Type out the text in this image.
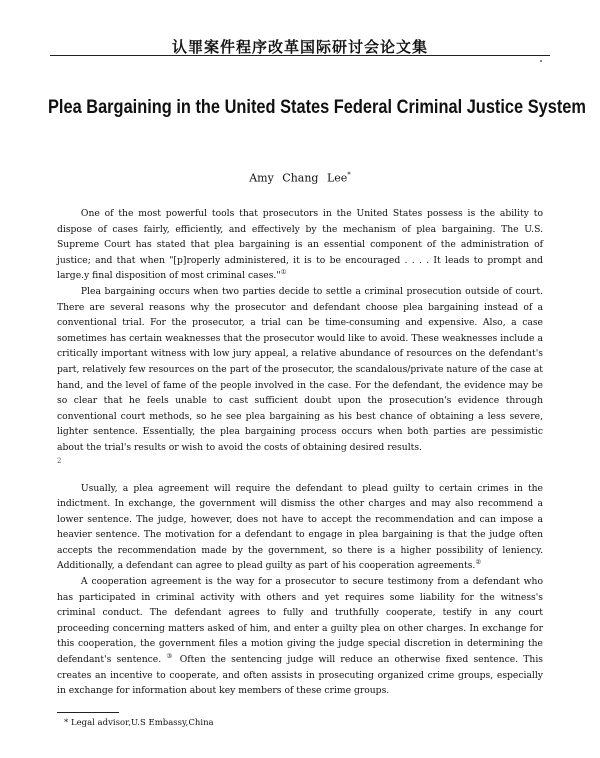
认罪案件程序改革国际研讨会论文集
Plea Bargaining in the United States Federal Criminal Justice System
Amy Chang Lee*

One of the most powerful tools that prosecutors in the United States possess is the ability to dispose of cases fairly, efficiently, and effectively by the mechanism of plea bargaining. The U.S. Supreme Court has stated that plea bargaining is an essential component of the administration of justice; and that when "[p]roperly administered, it is to be encouraged . . . . It leads to prompt and large.y final disposition of most criminal cases."①

Plea bargaining occurs when two parties decide to settle a criminal prosecution outside of court. There are several reasons why the prosecutor and defendant choose plea bargaining instead of a conventional trial. For the prosecutor, a trial can be time-consuming and expensive. Also, a case sometimes has certain weaknesses that the prosecutor would like to avoid. These weaknesses include a critically important witness with low jury appeal, a relative abundance of resources on the defendant's part, relatively few resources on the part of the prosecutor, the scandalous/private nature of the case at hand, and the level of fame of the people involved in the case. For the defendant, the evidence may be so clear that he feels unable to cast sufficient doubt upon the prosecution's evidence through conventional court methods, so he see plea bargaining as his best chance of obtaining a less severe, lighter sentence. Essentially, the plea bargaining process occurs when both parties are pessimistic about the trial's results or wish to avoid the costs of obtaining desired results.

2

Usually, a plea agreement will require the defendant to plead guilty to certain crimes in the indictment. In exchange, the government will dismiss the other charges and may also recommend a lower sentence. The judge, however, does not have to accept the recommendation and can impose a heavier sentence. The motivation for a defendant to engage in plea bargaining is that the judge often accepts the recommendation made by the government, so there is a higher possibility of leniency. Additionally, a defendant can agree to plead guilty as part of his cooperation agreements.②

A cooperation agreement is the way for a prosecutor to secure testimony from a defendant who has participated in criminal activity with others and yet requires some liability for the witness's criminal conduct. The defendant agrees to fully and truthfully cooperate, testify in any court proceeding concerning matters asked of him, and enter a guilty plea on other charges. In exchange for this cooperation, the government files a motion giving the judge special discretion in determining the defendant's sentence. ③ Often the sentencing judge will reduce an otherwise fixed sentence. This creates an incentive to cooperate, and often assists in prosecuting organized crime groups, especially in exchange for information about key members of these crime groups.

* Legal advisor,U.S Embassy,China
